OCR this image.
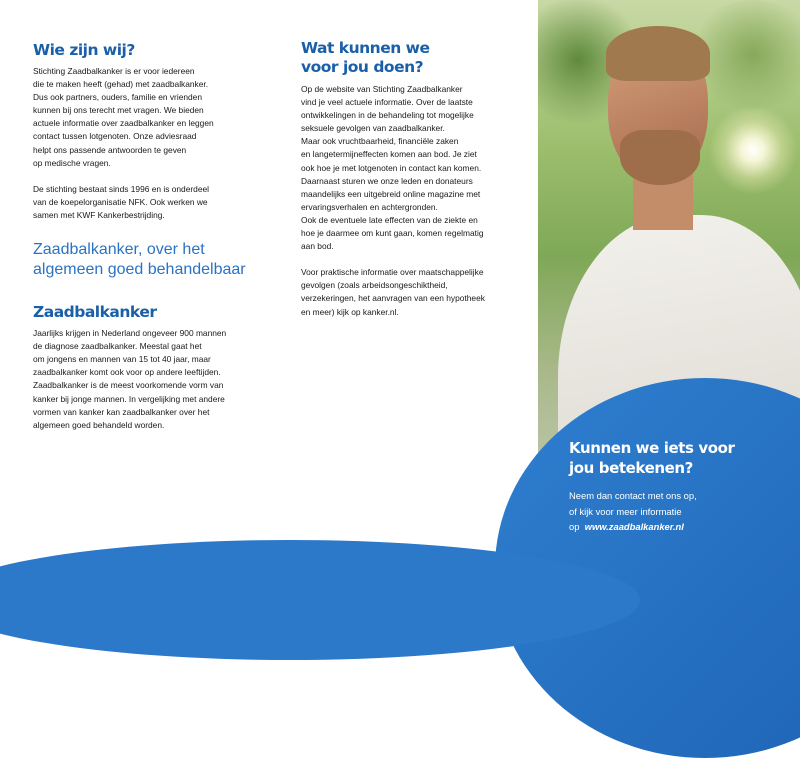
Wie zijn wij?

Stichting Zaadbalkanker is er voor iedereen
die te maken heeft (gehad) met zaadbalkanker.
Dus ook partners, ouders, familie en vrienden
kunnen bij ons terecht met vragen. We bieden
actuele informatie over zaadbalkanker en leggen
contact tussen lotgenoten. Onze adviesraad
helpt ons passende antwoorden te geven
op medische vragen.

De stichting bestaat sinds 1996 en is onderdeel
van de koepelorganisatie NFK. Ook werken we
samen met KWF Kankerbestrijding.

Zaadbalkanker, over het
algemeen goed behandelbaar
Zaadbalkanker

Jaarlijks krijgen in Nederland ongeveer 900 mannen
de diagnose zaadbalkanker. Meestal gaat het
om jongens en mannen van 15 tot 40 jaar, maar
zaadbalkanker komt ook voor op andere leeftijden.
Zaadbalkanker is de meest voorkomende vorm van
kanker bij jonge mannen. In vergelijking met andere
vormen van kanker kan zaadbalkanker over het
algemeen goed behandeld worden.

Wat kunnen we
voor jou doen?

Op de website van Stichting Zaadbalkanker
vind je veel actuele informatie. Over de laatste
ontwikkelingen in de behandeling tot mogelijke
seksuele gevolgen van zaadbalkanker.
Maar ook vruchtbaarheid, financiële zaken
en langetermijneffecten komen aan bod. Je ziet
ook hoe je met lotgenoten in contact kan komen.
Daarnaast sturen we onze leden en donateurs
maandelijks een uitgebreid online magazine met
ervaringsverhalen en achtergronden.
Ook de eventuele late effecten van de ziekte en
hoe je daarmee om kunt gaan, komen regelmatig
aan bod.

Voor praktische informatie over maatschappelijke
gevolgen (zoals arbeidsongeschiktheid,
verzekeringen, het aanvragen van een hypotheek
en meer) kijk op kanker.nl.

Kunnen we iets voor
jou betekenen?

Neem dan contact met ons op,
of kijk voor meer informatie
op www.zaadbalkanker.nl
